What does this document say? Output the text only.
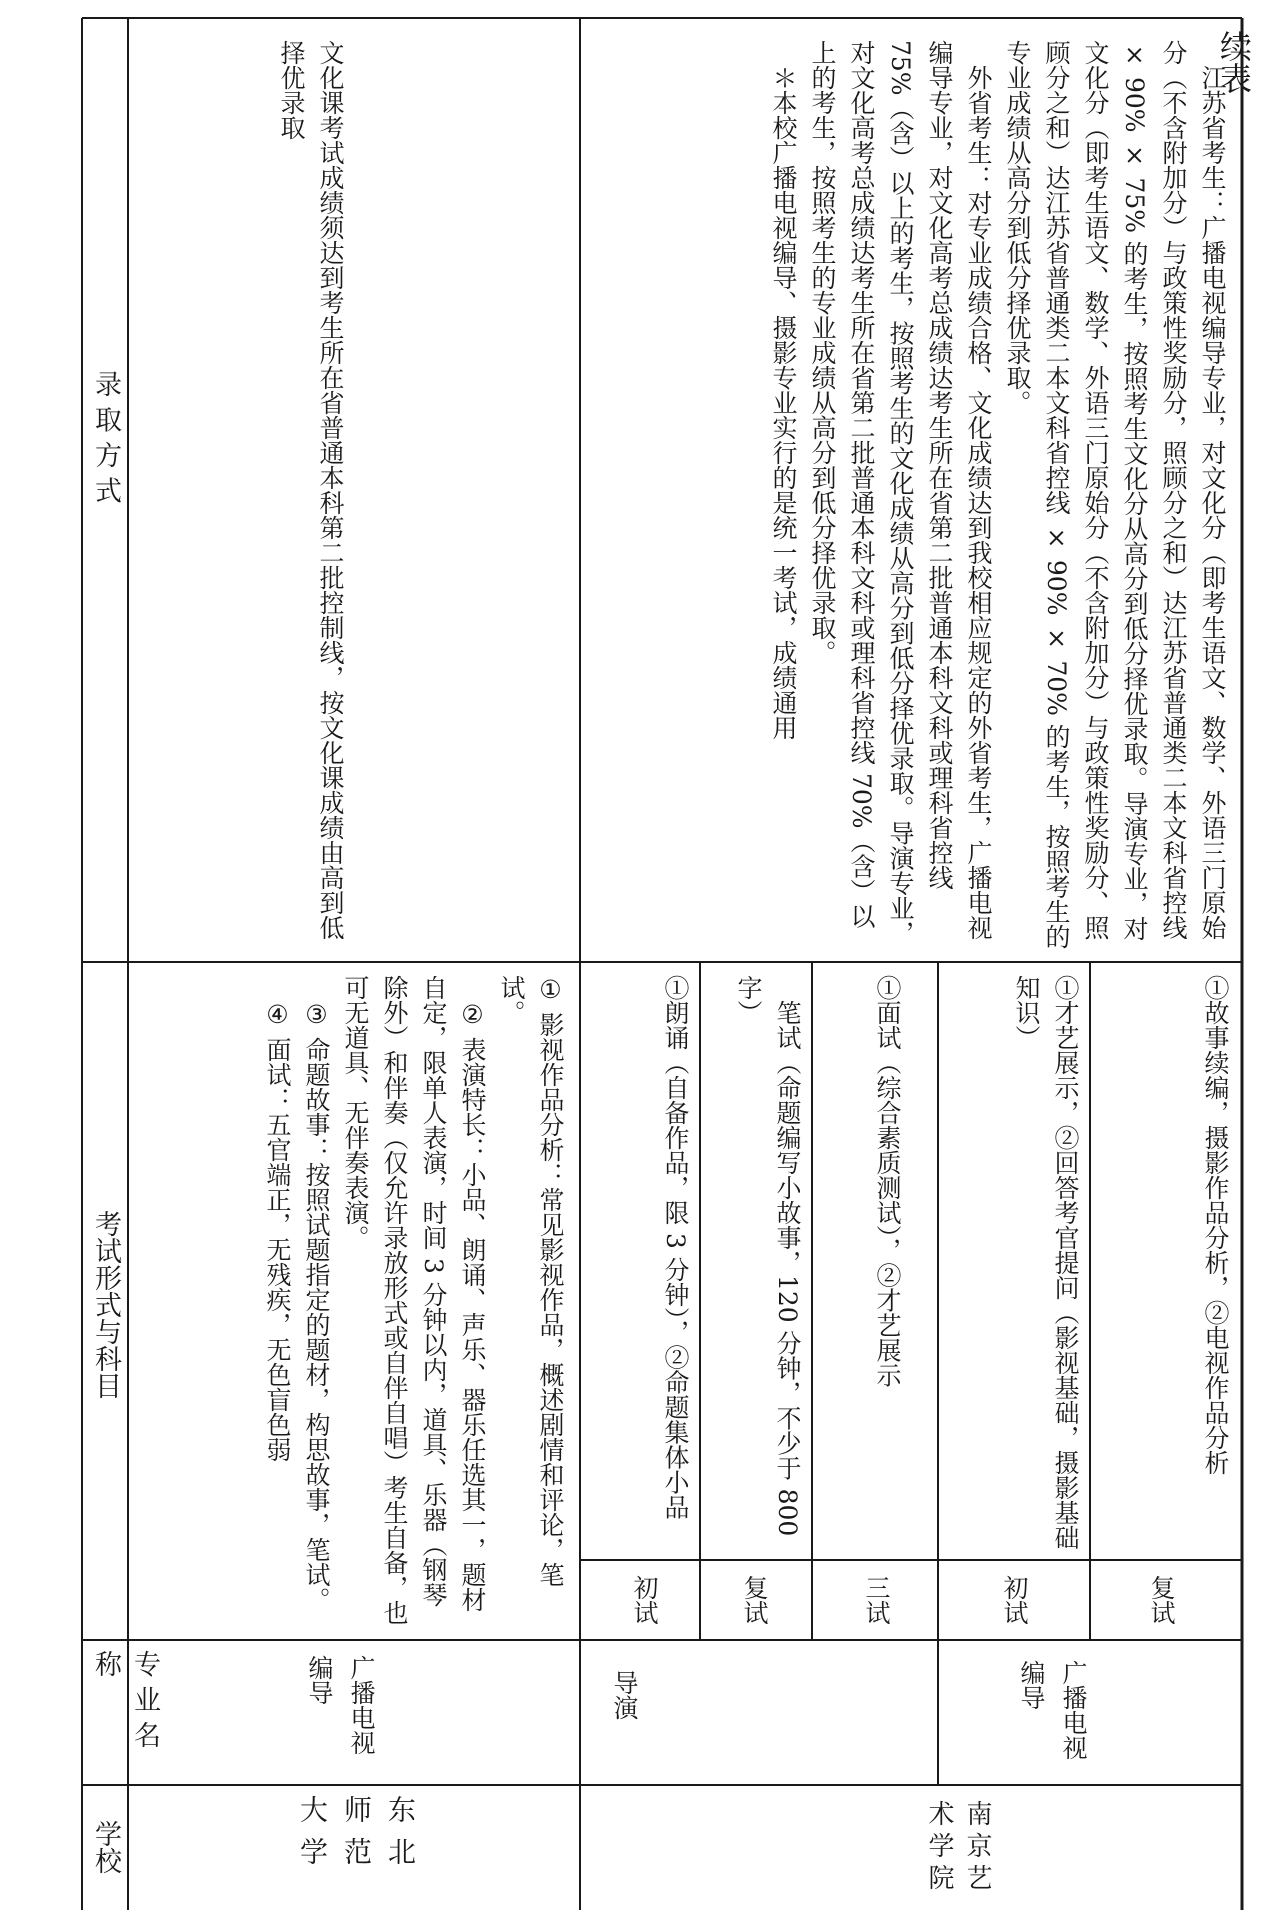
续表
学校
专 业 名 称
考试形式与科目
录 取 方 式
东北师范大学
广播电视编导
① 影视作品分析：常见影视作品，概述剧情和评论，笔试。
② 表演特长：小品、朗诵、声乐、器乐任选其一，题材自定，限单人表演，时间 3 分钟以内，道具、乐器（钢琴除外）和伴奏（仅允许录放形式或自伴自唱）考生自备，也可无道具、无伴奏表演。
③ 命题故事：按照试题指定的题材，构思故事，笔试。
④ 面试：五官端正，无残疾，无色盲色弱
文化课考试成绩须达到考生所在省普通本科第二批控制线，按文化课成绩由高到低择优录取
南京艺术学院
导演	广播电视编导
初试
①朗诵（自备作品，限 3 分钟），②命题集体小品
复试
笔试（命题编写小故事，120 分钟，不少于 800 字）
三试
①面试（综合素质测试），②才艺展示
初试
①才艺展示，②回答考官提问（影视基础，摄影基础知识）
复试
①故事续编，摄影作品分析，②电视作品分析
江苏省考生：广播电视编导专业，对文化分（即考生语文、数学、外语三门原始分（不含附加分）与政策性奖励分，照顾分之和）达江苏省普通类二本文科省控线 × 90% × 75% 的考生，按照考生文化分从高分到低分择优录取。导演专业，对文化分（即考生语文、数学、外语三门原始分（不含附加分）与政策性奖励分、照顾分之和）达江苏省普通类二本文科省控线 × 90% × 70% 的考生，按照考生的专业成绩从高分到低分择优录取。
外省考生：对专业成绩合格、文化成绩达到我校相应规定的外省考生，广播电视编导专业，对文化高考总成绩达考生所在省第二批普通本科文科或理科省控线 75%（含）以上的考生，按照考生的文化成绩从高分到低分择优录取。导演专业，对文化高考总成绩达考生所在省第二批普通本科文科或理科省控线 70%（含）以上的考生，按照考生的专业成绩从高分到低分择优录取。
＊本校广播电视编导、摄影专业实行的是统一考试，成绩通用
